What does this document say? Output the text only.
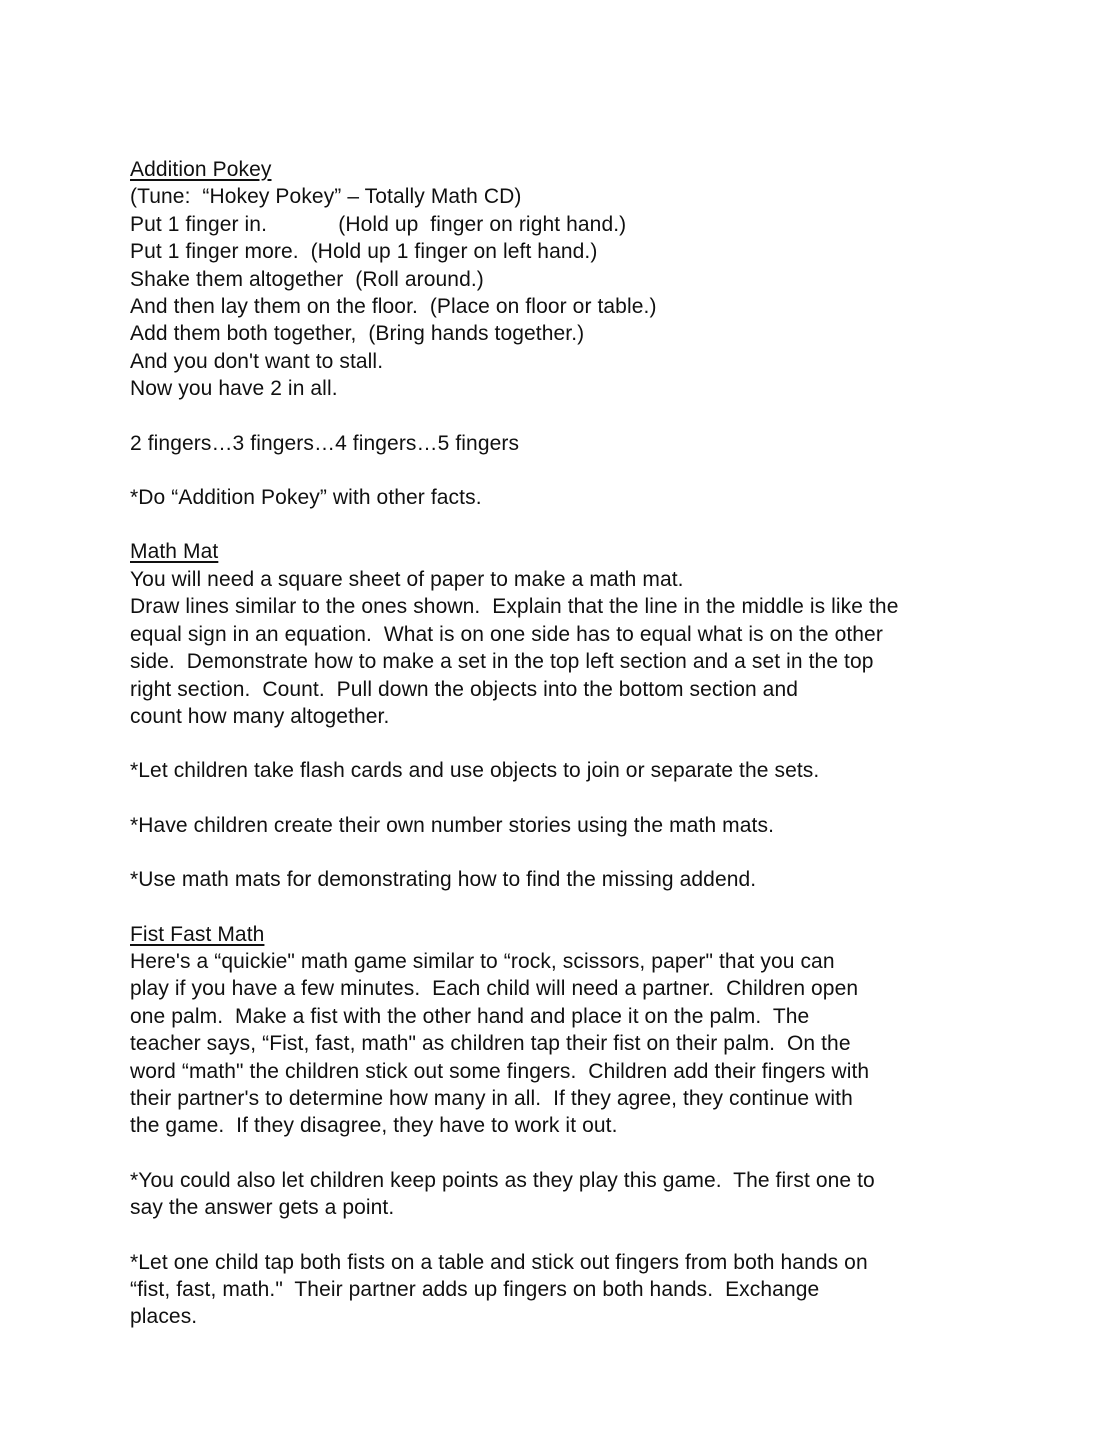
Addition Pokey
(Tune:  “Hokey Pokey” – Totally Math CD)
Put 1 finger in.            (Hold up  finger on right hand.)
Put 1 finger more.  (Hold up 1 finger on left hand.)
Shake them altogether  (Roll around.)
And then lay them on the floor.  (Place on floor or table.)
Add them both together,  (Bring hands together.)
And you don't want to stall.
Now you have 2 in all.
2 fingers…3 fingers…4 fingers…5 fingers
*Do “Addition Pokey” with other facts.
Math Mat
You will need a square sheet of paper to make a math mat.
Draw lines similar to the ones shown.  Explain that the line in the middle is like the
equal sign in an equation.  What is on one side has to equal what is on the other
side.  Demonstrate how to make a set in the top left section and a set in the top
right section.  Count.  Pull down the objects into the bottom section and
count how many altogether.
*Let children take flash cards and use objects to join or separate the sets.
*Have children create their own number stories using the math mats.
*Use math mats for demonstrating how to find the missing addend.
Fist Fast Math
Here's a “quickie" math game similar to “rock, scissors, paper" that you can
play if you have a few minutes.  Each child will need a partner.  Children open
one palm.  Make a fist with the other hand and place it on the palm.  The
teacher says, “Fist, fast, math" as children tap their fist on their palm.  On the
word “math" the children stick out some fingers.  Children add their fingers with
their partner's to determine how many in all.  If they agree, they continue with
the game.  If they disagree, they have to work it out.
*You could also let children keep points as they play this game.  The first one to
say the answer gets a point.
*Let one child tap both fists on a table and stick out fingers from both hands on
“fist, fast, math."  Their partner adds up fingers on both hands.  Exchange
places.
